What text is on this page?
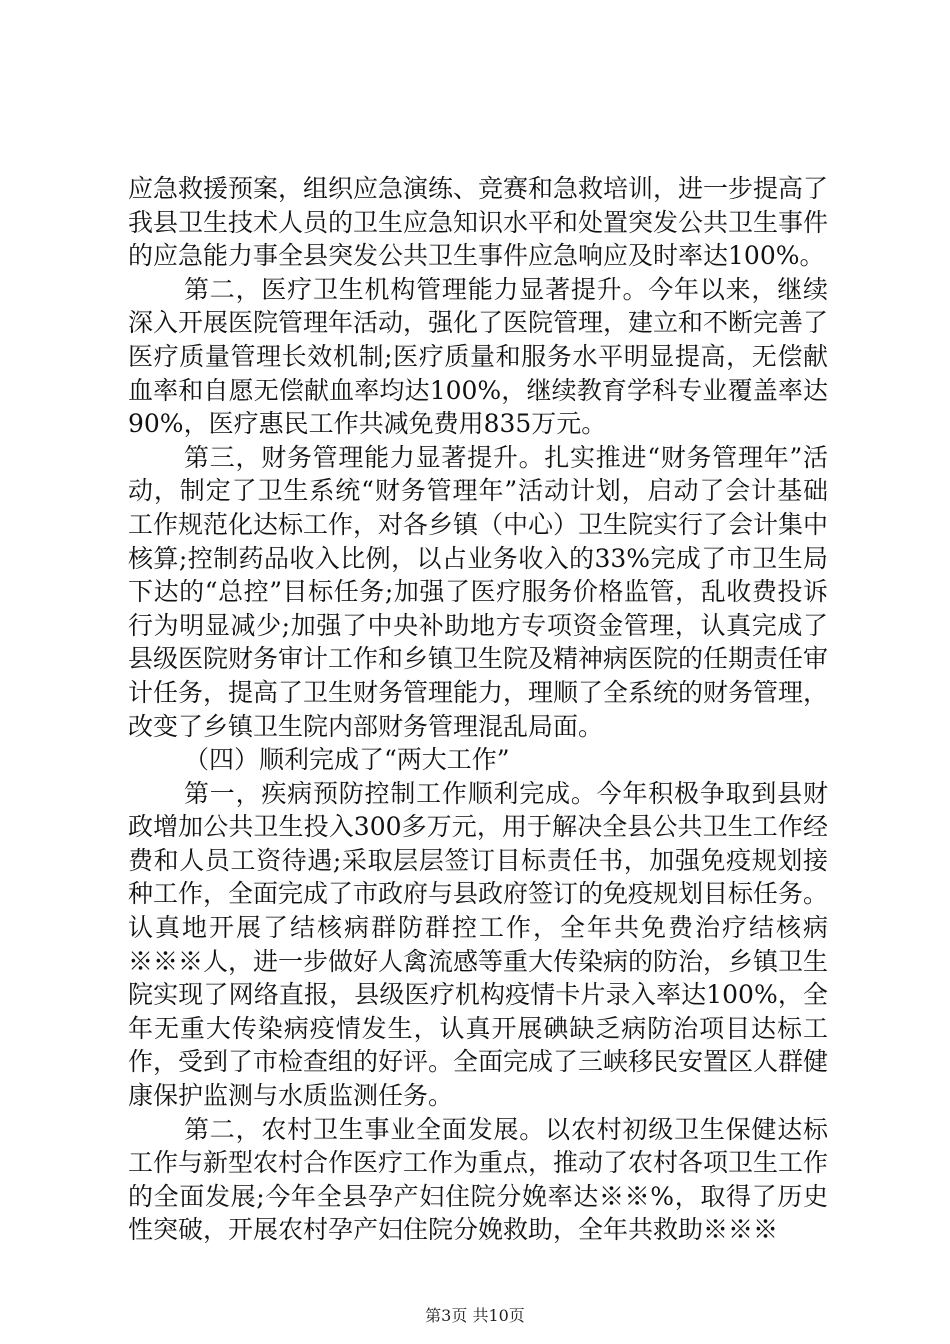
应急救援预案，组织应急演练、竞赛和急救培训，进一步提高了我县卫生技术人员的卫生应急知识水平和处置突发公共卫生事件的应急能力事全县突发公共卫生事件应急响应及时率达100%。

第二，医疗卫生机构管理能力显著提升。今年以来，继续深入开展医院管理年活动，强化了医院管理，建立和不断完善了医疗质量管理长效机制;医疗质量和服务水平明显提高，无偿献血率和自愿无偿献血率均达100%，继续教育学科专业覆盖率达90%，医疗惠民工作共减免费用835万元。

第三，财务管理能力显著提升。扎实推进“财务管理年”活动，制定了卫生系统“财务管理年”活动计划，启动了会计基础工作规范化达标工作，对各乡镇（中心）卫生院实行了会计集中核算;控制药品收入比例，以占业务收入的33%完成了市卫生局下达的“总控”目标任务;加强了医疗服务价格监管，乱收费投诉行为明显减少;加强了中央补助地方专项资金管理，认真完成了县级医院财务审计工作和乡镇卫生院及精神病医院的任期责任审计任务，提高了卫生财务管理能力，理顺了全系统的财务管理，改变了乡镇卫生院内部财务管理混乱局面。

（四）顺利完成了“两大工作”

第一，疾病预防控制工作顺利完成。今年积极争取到县财政增加公共卫生投入300多万元，用于解决全县公共卫生工作经费和人员工资待遇;采取层层签订目标责任书，加强免疫规划接种工作，全面完成了市政府与县政府签订的免疫规划目标任务。认真地开展了结核病群防群控工作，全年共免费治疗结核病※※※人，进一步做好人禽流感等重大传染病的防治，乡镇卫生院实现了网络直报，县级医疗机构疫情卡片录入率达100%，全年无重大传染病疫情发生，认真开展碘缺乏病防治项目达标工作，受到了市检查组的好评。全面完成了三峡移民安置区人群健康保护监测与水质监测任务。

第二，农村卫生事业全面发展。以农村初级卫生保健达标工作与新型农村合作医疗工作为重点，推动了农村各项卫生工作的全面发展;今年全县孕产妇住院分娩率达※※%，取得了历史性突破，开展农村孕产妇住院分娩救助，全年共救助※※※

第3页 共10页
